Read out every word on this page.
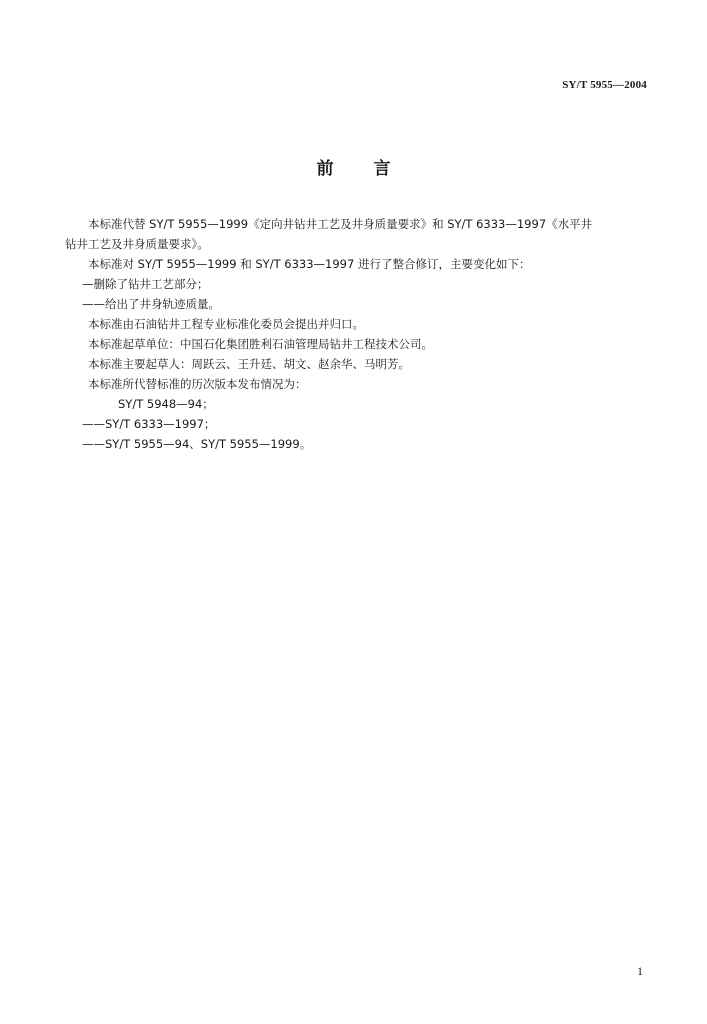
SY/T 5955—2004
前 言
本标准代替 SY/T 5955—1999《定向井钻井工艺及井身质量要求》和 SY/T 6333—1997《水平井
钻井工艺及井身质量要求》。
本标准对 SY/T 5955—1999 和 SY/T 6333—1997 进行了整合修订，主要变化如下：
—删除了钻井工艺部分；
——给出了井身轨迹质量。
本标准由石油钻井工程专业标准化委员会提出并归口。
本标准起草单位：中国石化集团胜利石油管理局钻井工程技术公司。
本标准主要起草人：周跃云、王升廷、胡文、赵余华、马明芳。
本标准所代替标准的历次版本发布情况为：
SY/T 5948—94；
——SY/T 6333—1997；
——SY/T 5955—94、SY/T 5955—1999。
1
